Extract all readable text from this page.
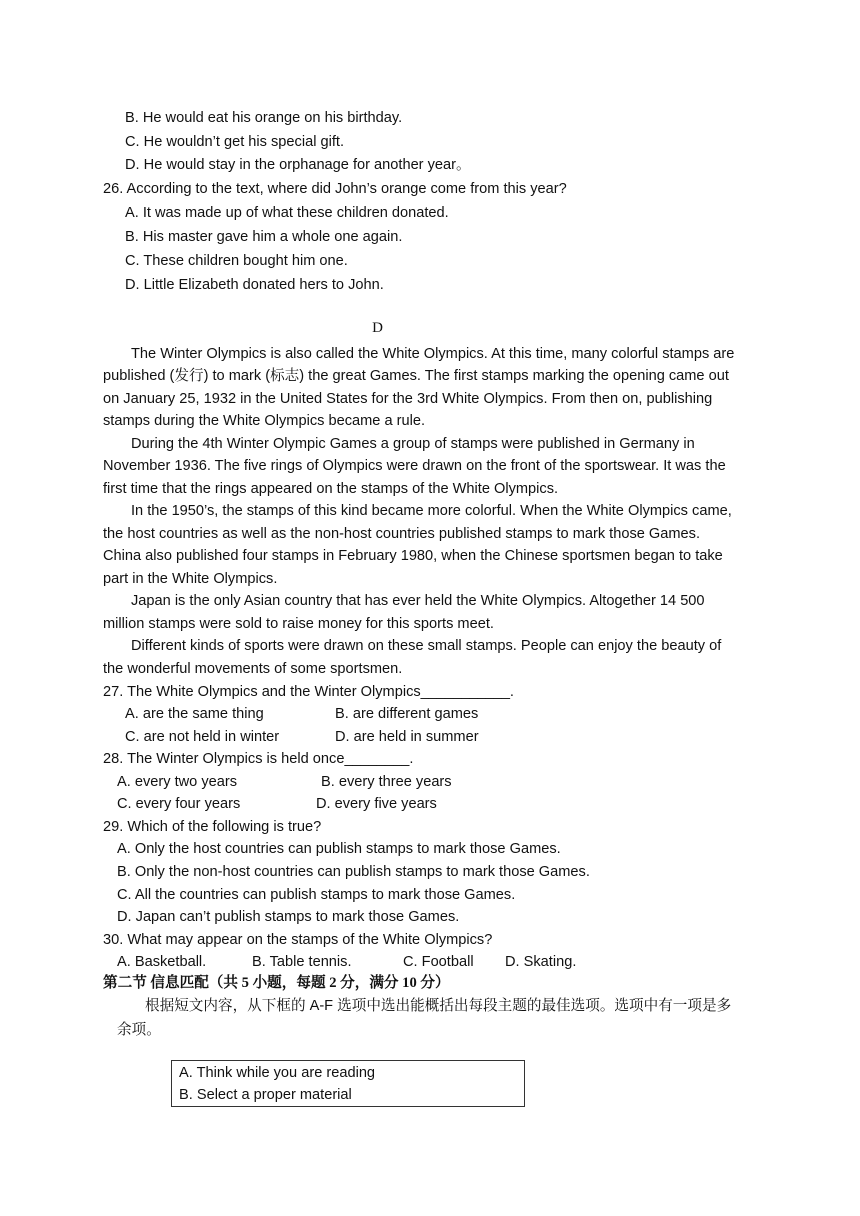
B. He would eat his orange on his birthday.
C. He wouldn’t get his special gift.
D. He would stay in the orphanage for another year。
26. According to the text, where did John’s orange come from this year?
A. It was made up of what these children donated.
B. His master gave him a whole one again.
C. These children bought him one.
D. Little Elizabeth donated hers to John.
D
The Winter Olympics is also called the White Olympics. At this time, many colorful stamps are
published (发行) to mark (标志) the great Games. The first stamps marking the opening came out
on January 25, 1932 in the United States for the 3rd White Olympics. From then on, publishing
stamps during the White Olympics became a rule.
During the 4th Winter Olympic Games a group of stamps were published in Germany in
November 1936. The five rings of Olympics were drawn on the front of the sportswear. It was the
first time that the rings appeared on the stamps of the White Olympics.
In the 1950’s, the stamps of this kind became more colorful. When the White Olympics came,
the host countries as well as the non-host countries published stamps to mark those Games.
China also published four stamps in February 1980, when the Chinese sportsmen began to take
part in the White Olympics.
Japan is the only Asian country that has ever held the White Olympics. Altogether 14 500
million stamps were sold to raise money for this sports meet.
Different kinds of sports were drawn on these small stamps. People can enjoy the beauty of
the wonderful movements of some sportsmen.
27. The White Olympics and the Winter Olympics___________.
A. are the same thing	B. are different games
C. are not held in winter	D. are held in summer
28. The Winter Olympics is held once________.
A. every two years	B. every three years
C. every four years	D. every five years
29. Which of the following is true?
A. Only the host countries can publish stamps to mark those Games.
B. Only the non-host countries can publish stamps to mark those Games.
C. All the countries can publish stamps to mark those Games.
D. Japan can’t publish stamps to mark those Games.
30. What may appear on the stamps of the White Olympics?
A. Basketball.	B. Table tennis.	C. Football D. Skating.
第二节 信息匹配（共 5 小题，每题 2 分，满分 10 分）
根据短文内容，从下框的 A-F 选项中选出能概括出每段主题的最佳选项。选项中有一项是多
余项。
A. Think while you are reading
B. Select a proper material
